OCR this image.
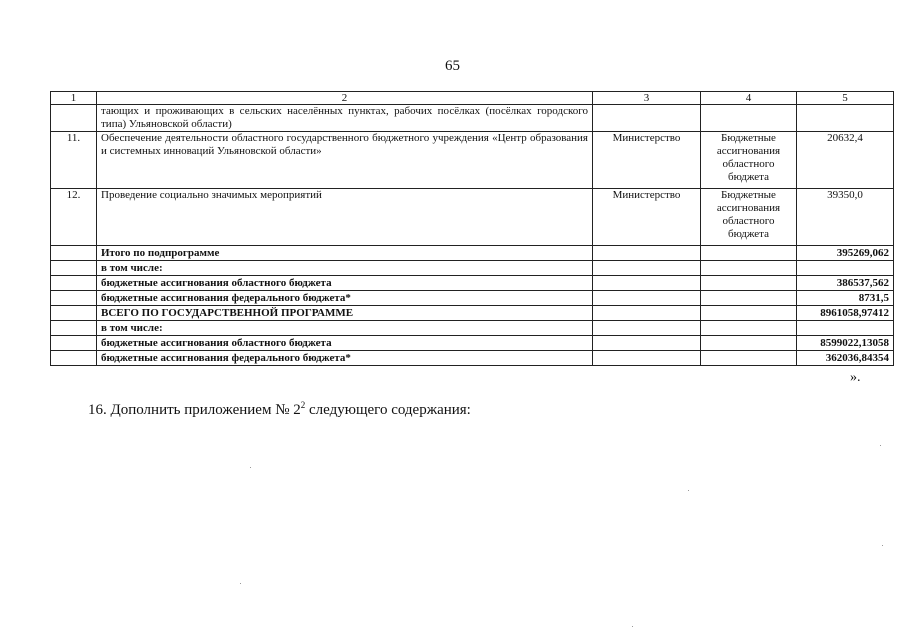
65
1	2	3	4	5
	тающих и проживающих в сельских населённых пунктах, рабочих посёлках (посёлках городского типа) Ульяновской области)			
11.	Обеспечение деятельности областного государственного бюджетного учреждения «Центр образования и системных инноваций Ульяновской области»	Министерство	Бюджетные ассигнования областного бюджета	20632,4
12.	Проведение социально значимых мероприятий	Министерство	Бюджетные ассигнования областного бюджета	39350,0
	Итого по подпрограмме			395269,062
	в том числе:			
	бюджетные ассигнования областного бюджета			386537,562
	бюджетные ассигнования федерального бюджета*			8731,5
	ВСЕГО ПО ГОСУДАРСТВЕННОЙ ПРОГРАММЕ			8961058,97412
	в том числе:			
	бюджетные ассигнования областного бюджета			8599022,13058
	бюджетные ассигнования федерального бюджета*			362036,84354
».
16. Дополнить приложением № $2^2$ следующего содержания:
